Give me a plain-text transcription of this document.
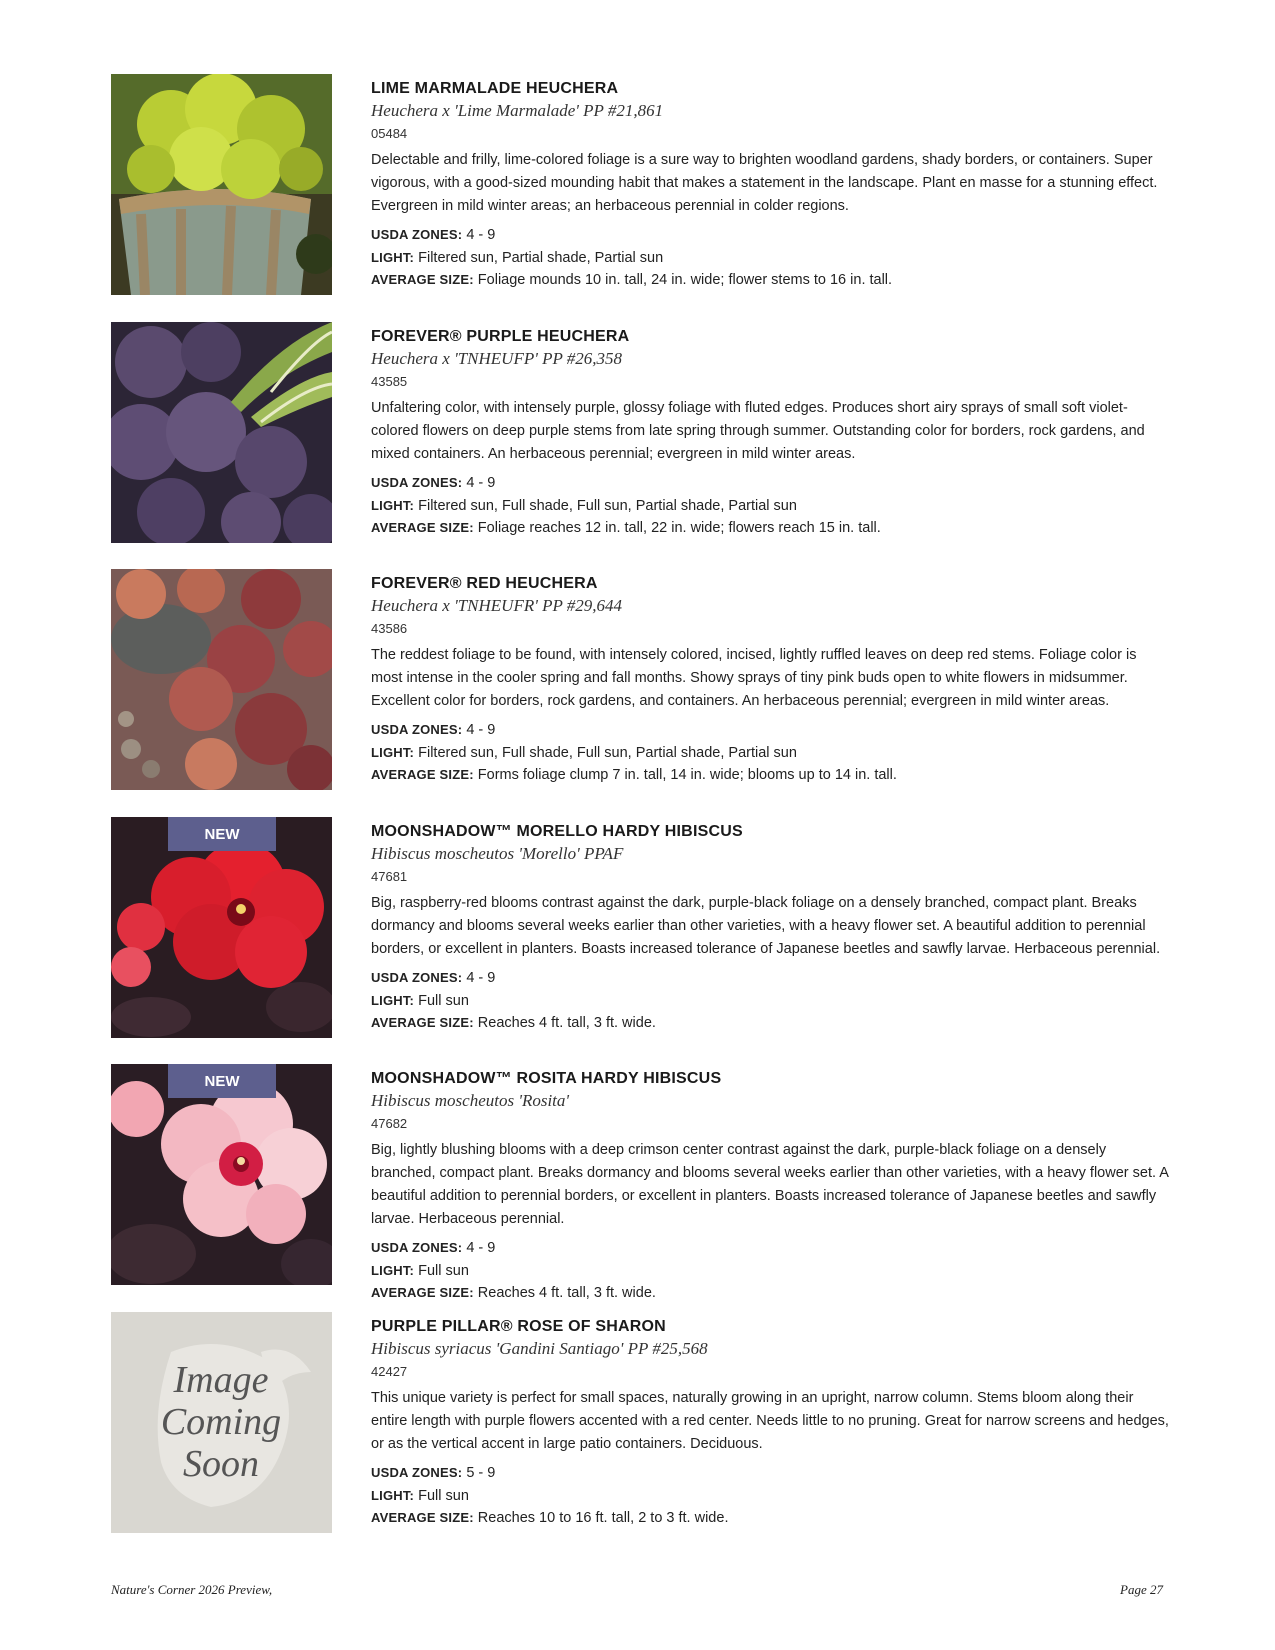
LIME MARMALADE HEUCHERA
Heuchera x 'Lime Marmalade' PP #21,861
05484
Delectable and frilly, lime-colored foliage is a sure way to brighten woodland gardens, shady borders, or containers. Super vigorous, with a good-sized mounding habit that makes a statement in the landscape. Plant en masse for a stunning effect. Evergreen in mild winter areas; an herbaceous perennial in colder regions.
USDA ZONES: 4 - 9
LIGHT: Filtered sun, Partial shade, Partial sun
AVERAGE SIZE: Foliage mounds 10 in. tall, 24 in. wide; flower stems to 16 in. tall.
FOREVER® PURPLE HEUCHERA
Heuchera x 'TNHEUFP' PP #26,358
43585
Unfaltering color, with intensely purple, glossy foliage with fluted edges. Produces short airy sprays of small soft violet-colored flowers on deep purple stems from late spring through summer. Outstanding color for borders, rock gardens, and mixed containers. An herbaceous perennial; evergreen in mild winter areas.
USDA ZONES: 4 - 9
LIGHT: Filtered sun, Full shade, Full sun, Partial shade, Partial sun
AVERAGE SIZE: Foliage reaches 12 in. tall, 22 in. wide; flowers reach 15 in. tall.
FOREVER® RED HEUCHERA
Heuchera x 'TNHEUFR' PP #29,644
43586
The reddest foliage to be found, with intensely colored, incised, lightly ruffled leaves on deep red stems. Foliage color is most intense in the cooler spring and fall months. Showy sprays of tiny pink buds open to white flowers in midsummer. Excellent color for borders, rock gardens, and containers. An herbaceous perennial; evergreen in mild winter areas.
USDA ZONES: 4 - 9
LIGHT: Filtered sun, Full shade, Full sun, Partial shade, Partial sun
AVERAGE SIZE: Forms foliage clump 7 in. tall, 14 in. wide; blooms up to 14 in. tall.
NEW	MOONSHADOW™ MORELLO HARDY HIBISCUS
Hibiscus moscheutos 'Morello' PPAF
47681
Big, raspberry-red blooms contrast against the dark, purple-black foliage on a densely branched, compact plant. Breaks dormancy and blooms several weeks earlier than other varieties, with a heavy flower set. A beautiful addition to perennial borders, or excellent in planters. Boasts increased tolerance of Japanese beetles and sawfly larvae. Herbaceous perennial.
USDA ZONES: 4 - 9
LIGHT: Full sun
AVERAGE SIZE: Reaches 4 ft. tall, 3 ft. wide.
NEW	MOONSHADOW™ ROSITA HARDY HIBISCUS
Hibiscus moscheutos 'Rosita'
47682
Big, lightly blushing blooms with a deep crimson center contrast against the dark, purple-black foliage on a densely branched, compact plant. Breaks dormancy and blooms several weeks earlier than other varieties, with a heavy flower set. A beautiful addition to perennial borders, or excellent in planters. Boasts increased tolerance of Japanese beetles and sawfly larvae. Herbaceous perennial.
USDA ZONES: 4 - 9
LIGHT: Full sun
AVERAGE SIZE: Reaches 4 ft. tall, 3 ft. wide.
Image
Coming
Soon
PURPLE PILLAR® ROSE OF SHARON
Hibiscus syriacus 'Gandini Santiago' PP #25,568
42427
This unique variety is perfect for small spaces, naturally growing in an upright, narrow column. Stems bloom along their entire length with purple flowers accented with a red center. Needs little to no pruning. Great for narrow screens and hedges, or as the vertical accent in large patio containers. Deciduous.
USDA ZONES: 5 - 9
LIGHT: Full sun
AVERAGE SIZE: Reaches 10 to 16 ft. tall, 2 to 3 ft. wide.
Nature's Corner 2026 Preview,	Page 27
